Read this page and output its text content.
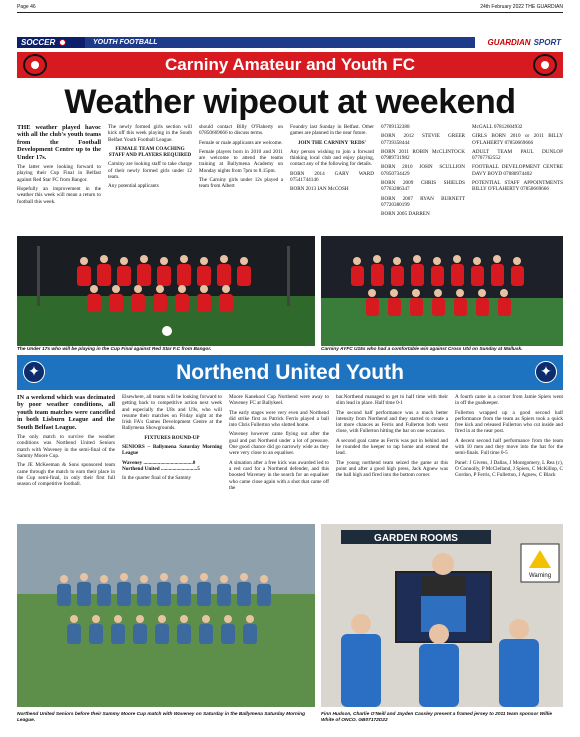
Page 46	24th February 2022 THE GUARDIAN
SOCCER	YOUTH FOOTBALL	GUARDIAN SPORT
Carniny Amateur and Youth FC
Weather wipeout at weekend

THE weather played havoc with all the club's youth teams from the Football Development Centre up to the Under 17s.

The latter were looking forward to playing their Cup Final in Belfast against Red Star FC from Bangor.

Hopefully an improvement in the weather this week will mean a return to football this week.

The newly formed girls section will kick off this week playing in the South Belfast Youth Football League.

FEMALE TEAM COACHING STAFF AND PLAYERS REQUIRED

Carniny are looking staff to take charge of their newly formed girls under 12 team.

Any potential applicants

should contact Billy O'Flaherty on 07850669666 to discuss terms.

Female or male applicants are welcome.

Female players born in 2010 and 2011 are welcome to attend the teams training at Ballymena Academy on Monday nights from 7pm to 8.15pm.

The Carniny girls under 12s played a team from Albert

Foundry last Sunday in Belfast. Other games are planned in the near future.

JOIN THE CARNINY 'REDS'

Any person wishing to join a forward thinking local club and enjoy playing, contact any of the following for details.

BORN 2014 GARY WARD 07541744146

BORN 2013 IAN McCOSH

07709132388

BORN 2012 STEVIE GREER 07739358444

BORN 2011 ROBIN McCLINTOCK 07989731982

BORN 2010 JOHN SCULLION 07850734429

BORN 2009 CHRIS SHIELDS 07763286347

BORN 2007 RYAN BURNETT 07720380199

BORN 2005 DARREN

McGALL 07812604932

GIRLS BORN 2010 or 2011 BILLY O'FLAHERTY 07850669666

ADULT TEAM PAUL DUNLOP 07707762552

FOOTBALL DEVELOPMENT CENTRE DAVY BOYD 07880974402

POTENTIAL STAFF APPOINTMENTS BILLY O'FLAHERTY 07850669666

The Under 17s who will be playing in the Cup Final against Red Star F.C from Bangor.	Carniny AYFC U15s who had a comfortable win against Cross Utd on Sunday at Mallusk.
✦	Northend United Youth	✦

IN a weekend which was decimated by poor weather conditions, all youth team matches were cancelled in both Lisburn League and the South Belfast League.

The only match to survive the weather conditions was Northend United Seniors match with Waveney in the semi-final of the Sammy Moore Cup.

The JE McKeeman & Sons sponsored team came through the match to earn their place in the Cup semi-final, in only their first full season of competitive football.

Elsewhere, all teams will be looking forward to getting back to competitive action next week and especially the U8s and U9s, who will resume their matches on Friday night at the Irish FA's Games Development Centre at the Ballymena Showgrounds.

FIXTURES ROUND-UP

SENIORS – Ballymena Saturday Morning League

Waveney ......................................0

Northend United ............................5

In the quarter final of the Sammy

Moore Kanekool Cup Northend were away to Waveney FC at Ballykeel.

The early stages were very even and Northend did strike first as Patrick Ferris played a ball into Chris Fullerton who slotted home.

Waveney however came flying out after the goal and put Northend under a lot of pressure. One good chance did go narrowly wide as they were very close to an equaliser.

A situation after a free kick was awarded led to a red card for a Northend defender, and this boosted Waveney in the search for an equaliser who came close again with a shot that came off the

bar.Northend managed to get to half time with their slim lead in place. Half time 0-1

The second half performance was a much better intensity from Northend and they started to create a lot more chances as Ferris and Fullerton both went close, with Fullerton hitting the bar on one occasion.

A second goal came as Ferris was put in behind and he rounded the keeper to tap home and extend the lead.

The young northend team seized the game at this point and after a good high press, Jack Agnew was the ball high and fired into the bottom corner.

A fourth came in a corner from Jamie Spiers went in off the goalkeeper.

Fullerton wrapped up a good second half performance from the team as Spiers took a quick free kick and released Fullerton who cut inside and fired in at the near post.

A decent second half performance from the team with 10 men and they move into the hat for the semi-finals. Full time 0-5

Panel: J Givens, J Dallas, J Montgomery, L Rea (c), O Connolly, P McClelland, J Spiers, C McKillop, C Gordon, P Ferris, C Fullerton, J Agnew, C Black

GARDEN ROOMS
Warning
Northend United Seniors before their Sammy Moore Cup match with Waveney on Saturday in the Ballymena Saturday Morning League.
Finn Hudson, Charlie O'Neill and Jayden Cassley present a framed jersey to 2011 team sponsor Willie White of ONCO. GB07172D22
